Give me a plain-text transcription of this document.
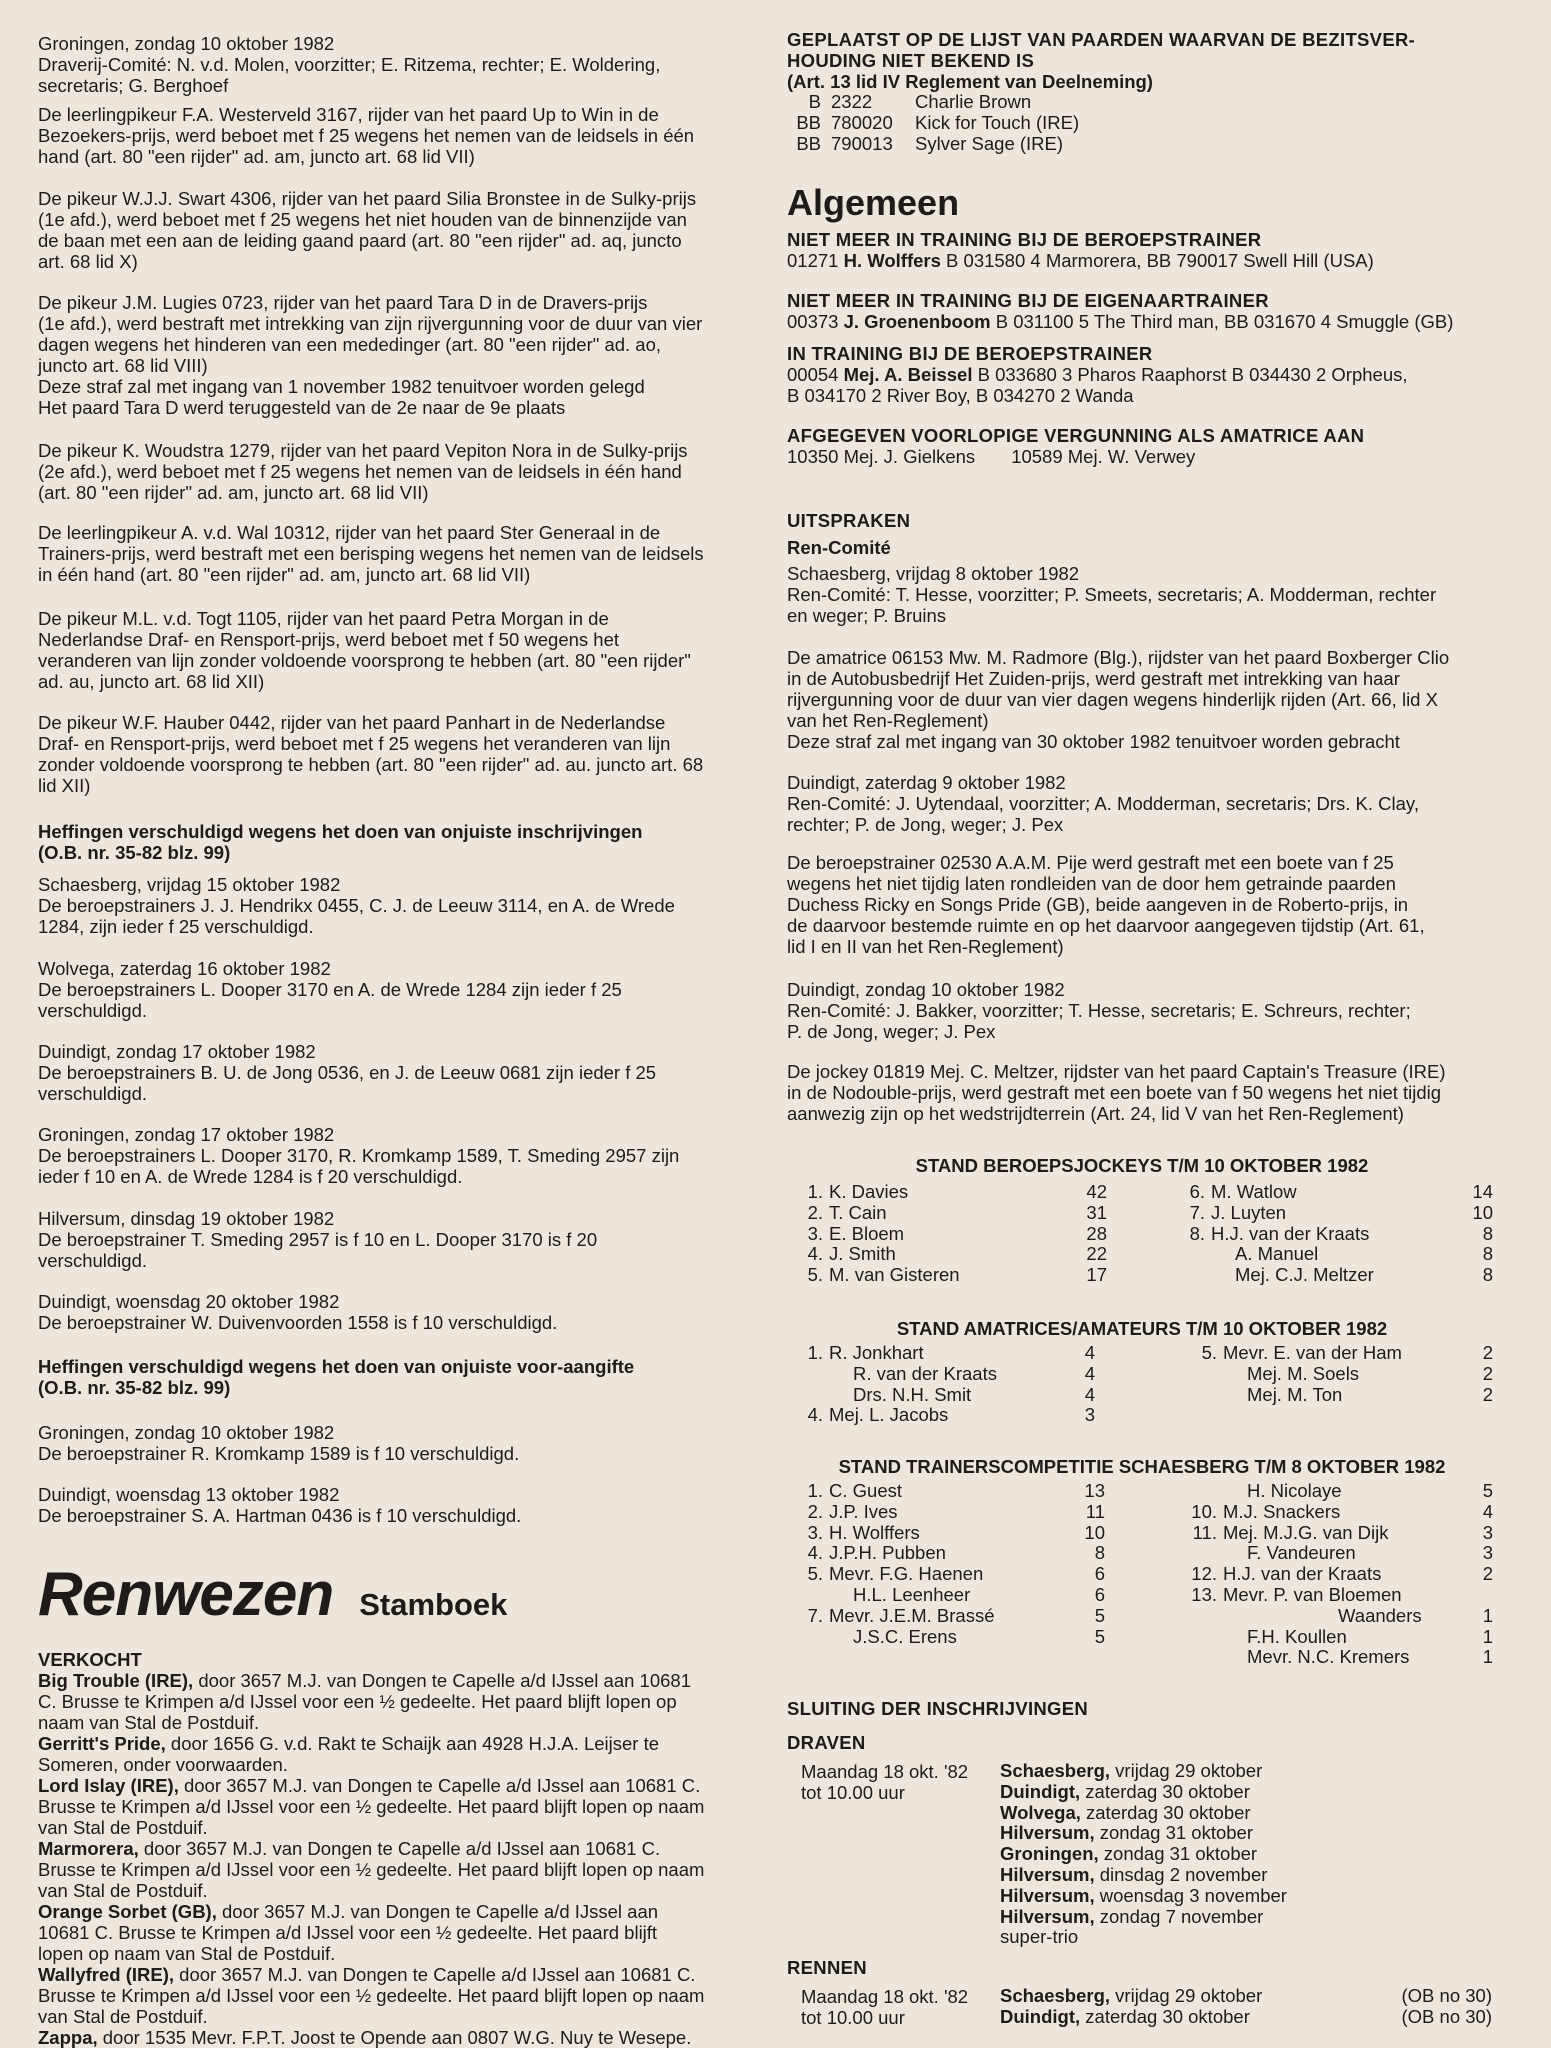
Groningen, zondag 10 oktober 1982
Draverij-Comité: N. v.d. Molen, voorzitter; E. Ritzema, rechter; E. Woldering,
secretaris; G. Berghoef

De leerlingpikeur F.A. Westerveld 3167, rijder van het paard Up to Win in de
Bezoekers-prijs, werd beboet met f 25 wegens het nemen van de leidsels in één
hand (art. 80 "een rijder" ad. am, juncto art. 68 lid VII)

De pikeur W.J.J. Swart 4306, rijder van het paard Silia Bronstee in de Sulky-prijs
(1e afd.), werd beboet met f 25 wegens het niet houden van de binnenzijde van
de baan met een aan de leiding gaand paard (art. 80 "een rijder" ad. aq, juncto
art. 68 lid X)

De pikeur J.M. Lugies 0723, rijder van het paard Tara D in de Dravers-prijs
(1e afd.), werd bestraft met intrekking van zijn rijvergunning voor de duur van vier
dagen wegens het hinderen van een mededinger (art. 80 "een rijder" ad. ao,
juncto art. 68 lid VIII)
Deze straf zal met ingang van 1 november 1982 tenuitvoer worden gelegd
Het paard Tara D werd teruggesteld van de 2e naar de 9e plaats

De pikeur K. Woudstra 1279, rijder van het paard Vepiton Nora in de Sulky-prijs
(2e afd.), werd beboet met f 25 wegens het nemen van de leidsels in één hand
(art. 80 "een rijder" ad. am, juncto art. 68 lid VII)

De leerlingpikeur A. v.d. Wal 10312, rijder van het paard Ster Generaal in de
Trainers-prijs, werd bestraft met een berisping wegens het nemen van de leidsels
in één hand (art. 80 "een rijder" ad. am, juncto art. 68 lid VII)

De pikeur M.L. v.d. Togt 1105, rijder van het paard Petra Morgan in de
Nederlandse Draf- en Rensport-prijs, werd beboet met f 50 wegens het
veranderen van lijn zonder voldoende voorsprong te hebben (art. 80 "een rijder"
ad. au, juncto art. 68 lid XII)

De pikeur W.F. Hauber 0442, rijder van het paard Panhart in de Nederlandse
Draf- en Rensport-prijs, werd beboet met f 25 wegens het veranderen van lijn
zonder voldoende voorsprong te hebben (art. 80 "een rijder" ad. au. juncto art. 68
lid XII)

Heffingen verschuldigd wegens het doen van onjuiste inschrijvingen
(O.B. nr. 35-82 blz. 99)

Schaesberg, vrijdag 15 oktober 1982
De beroepstrainers J. J. Hendrikx 0455, C. J. de Leeuw 3114, en A. de Wrede
1284, zijn ieder f 25 verschuldigd.

Wolvega, zaterdag 16 oktober 1982
De beroepstrainers L. Dooper 3170 en A. de Wrede 1284 zijn ieder f 25
verschuldigd.

Duindigt, zondag 17 oktober 1982
De beroepstrainers B. U. de Jong 0536, en J. de Leeuw 0681 zijn ieder f 25
verschuldigd.

Groningen, zondag 17 oktober 1982
De beroepstrainers L. Dooper 3170, R. Kromkamp 1589, T. Smeding 2957 zijn
ieder f 10 en A. de Wrede 1284 is f 20 verschuldigd.

Hilversum, dinsdag 19 oktober 1982
De beroepstrainer T. Smeding 2957 is f 10 en L. Dooper 3170 is f 20
verschuldigd.

Duindigt, woensdag 20 oktober 1982
De beroepstrainer W. Duivenvoorden 1558 is f 10 verschuldigd.

Heffingen verschuldigd wegens het doen van onjuiste voor-aangifte
(O.B. nr. 35-82 blz. 99)

Groningen, zondag 10 oktober 1982
De beroepstrainer R. Kromkamp 1589 is f 10 verschuldigd.

Duindigt, woensdag 13 oktober 1982
De beroepstrainer S. A. Hartman 0436 is f 10 verschuldigd.

Renwezen Stamboek

VERKOCHT

Big Trouble (IRE), door 3657 M.J. van Dongen te Capelle a/d IJssel aan 10681
C. Brusse te Krimpen a/d IJssel voor een ½ gedeelte. Het paard blijft lopen op
naam van Stal de Postduif.

Gerritt's Pride, door 1656 G. v.d. Rakt te Schaijk aan 4928 H.J.A. Leijser te
Someren, onder voorwaarden.

Lord Islay (IRE), door 3657 M.J. van Dongen te Capelle a/d IJssel aan 10681 C.
Brusse te Krimpen a/d IJssel voor een ½ gedeelte. Het paard blijft lopen op naam
van Stal de Postduif.

Marmorera, door 3657 M.J. van Dongen te Capelle a/d IJssel aan 10681 C.
Brusse te Krimpen a/d IJssel voor een ½ gedeelte. Het paard blijft lopen op naam
van Stal de Postduif.

Orange Sorbet (GB), door 3657 M.J. van Dongen te Capelle a/d IJssel aan
10681 C. Brusse te Krimpen a/d IJssel voor een ½ gedeelte. Het paard blijft
lopen op naam van Stal de Postduif.

Wallyfred (IRE), door 3657 M.J. van Dongen te Capelle a/d IJssel aan 10681 C.
Brusse te Krimpen a/d IJssel voor een ½ gedeelte. Het paard blijft lopen op naam
van Stal de Postduif.

Zappa, door 1535 Mevr. F.P.T. Joost te Opende aan 0807 W.G. Nuy te Wesepe.

GEPLAATST OP DE LIJST VAN PAARDEN WAARVAN DE BEZITSVER-
HOUDING NIET BEKEND IS

(Art. 13 lid IV Reglement van Deelneming)

B	2322	Charlie Brown
BB	780020	Kick for Touch (IRE)
BB	790013	Sylver Sage (IRE)
Algemeen

NIET MEER IN TRAINING BIJ DE BEROEPSTRAINER

01271 H. Wolffers B 031580 4 Marmorera, BB 790017 Swell Hill (USA)

NIET MEER IN TRAINING BIJ DE EIGENAARTRAINER

00373 J. Groenenboom B 031100 5 The Third man, BB 031670 4 Smuggle (GB)

IN TRAINING BIJ DE BEROEPSTRAINER

00054 Mej. A. Beissel B 033680 3 Pharos Raaphorst B 034430 2 Orpheus,
B 034170 2 River Boy, B 034270 2 Wanda

AFGEGEVEN VOORLOPIGE VERGUNNING ALS AMATRICE AAN

10350 Mej. J. Gielkens 10589 Mej. W. Verwey

UITSPRAKEN

Ren-Comité

Schaesberg, vrijdag 8 oktober 1982
Ren-Comité: T. Hesse, voorzitter; P. Smeets, secretaris; A. Modderman, rechter
en weger; P. Bruins

De amatrice 06153 Mw. M. Radmore (Blg.), rijdster van het paard Boxberger Clio
in de Autobusbedrijf Het Zuiden-prijs, werd gestraft met intrekking van haar
rijvergunning voor de duur van vier dagen wegens hinderlijk rijden (Art. 66, lid X
van het Ren-Reglement)
Deze straf zal met ingang van 30 oktober 1982 tenuitvoer worden gebracht

Duindigt, zaterdag 9 oktober 1982
Ren-Comité: J. Uytendaal, voorzitter; A. Modderman, secretaris; Drs. K. Clay,
rechter; P. de Jong, weger; J. Pex

De beroepstrainer 02530 A.A.M. Pije werd gestraft met een boete van f 25
wegens het niet tijdig laten rondleiden van de door hem getrainde paarden
Duchess Ricky en Songs Pride (GB), beide aangeven in de Roberto-prijs, in
de daarvoor bestemde ruimte en op het daarvoor aangegeven tijdstip (Art. 61,
lid I en II van het Ren-Reglement)

Duindigt, zondag 10 oktober 1982
Ren-Comité: J. Bakker, voorzitter; T. Hesse, secretaris; E. Schreurs, rechter;
P. de Jong, weger; J. Pex

De jockey 01819 Mej. C. Meltzer, rijdster van het paard Captain's Treasure (IRE)
in de Nodouble-prijs, werd gestraft met een boete van f 50 wegens het niet tijdig
aanwezig zijn op het wedstrijdterrein (Art. 24, lid V van het Ren-Reglement)

STAND BEROEPSJOCKEYS T/M 10 OKTOBER 1982

1.	K. Davies	42
2.	T. Cain	31
3.	E. Bloem	28
4.	J. Smith	22
5.	M. van Gisteren	17
6.	M. Watlow	14
7.	J. Luyten	10
8.	H.J. van der Kraats	8
	A. Manuel	8
	Mej. C.J. Meltzer	8

STAND AMATRICES/AMATEURS T/M 10 OKTOBER 1982

1.	R. Jonkhart	4
	R. van der Kraats	4
	Drs. N.H. Smit	4
4.	Mej. L. Jacobs	3
5.	Mevr. E. van der Ham	2
	Mej. M. Soels	2
	Mej. M. Ton	2

STAND TRAINERSCOMPETITIE SCHAESBERG T/M 8 OKTOBER 1982

1.	C. Guest	13
2.	J.P. Ives	11
3.	H. Wolffers	10
4.	J.P.H. Pubben	8
5.	Mevr. F.G. Haenen	6
	H.L. Leenheer	6
7.	Mevr. J.E.M. Brassé	5
	J.S.C. Erens	5
	H. Nicolaye	5
10.	M.J. Snackers	4
11.	Mej. M.J.G. van Dijk	3
	F. Vandeuren	3
12.	H.J. van der Kraats	2
13.	Mevr. P. van Bloemen	
	Waanders	1
	F.H. Koullen	1
	Mevr. N.C. Kremers	1

SLUITING DER INSCHRIJVINGEN

DRAVEN

Maandag 18 okt. '82
tot 10.00 uur

Schaesberg, vrijdag 29 oktober
Duindigt, zaterdag 30 oktober
Wolvega, zaterdag 30 oktober
Hilversum, zondag 31 oktober
Groningen, zondag 31 oktober
Hilversum, dinsdag 2 november
Hilversum, woensdag 3 november
Hilversum, zondag 7 november
super-trio

RENNEN

Maandag 18 okt. '82
tot 10.00 uur

Schaesberg, vrijdag 29 oktober	(OB no 30)
Duindigt, zaterdag 30 oktober	(OB no 30)
